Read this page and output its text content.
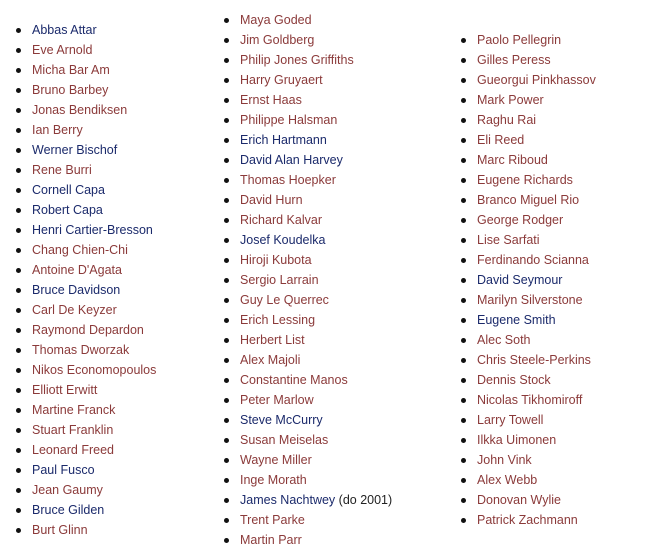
Abbas Attar
Eve Arnold
Micha Bar Am
Bruno Barbey
Jonas Bendiksen
Ian Berry
Werner Bischof
Rene Burri
Cornell Capa
Robert Capa
Henri Cartier-Bresson
Chang Chien-Chi
Antoine D'Agata
Bruce Davidson
Carl De Keyzer
Raymond Depardon
Thomas Dworzak
Nikos Economopoulos
Elliott Erwitt
Martine Franck
Stuart Franklin
Leonard Freed
Paul Fusco
Jean Gaumy
Bruce Gilden
Burt Glinn
Maya Goded
Jim Goldberg
Philip Jones Griffiths
Harry Gruyaert
Ernst Haas
Philippe Halsman
Erich Hartmann
David Alan Harvey
Thomas Hoepker
David Hurn
Richard Kalvar
Josef Koudelka
Hiroji Kubota
Sergio Larrain
Guy Le Querrec
Erich Lessing
Herbert List
Alex Majoli
Constantine Manos
Peter Marlow
Steve McCurry
Susan Meiselas
Wayne Miller
Inge Morath
James Nachtwey (do 2001)
Trent Parke
Martin Parr
Paolo Pellegrin
Gilles Peress
Gueorgui Pinkhassov
Mark Power
Raghu Rai
Eli Reed
Marc Riboud
Eugene Richards
Branco Miguel Rio
George Rodger
Lise Sarfati
Ferdinando Scianna
David Seymour
Marilyn Silverstone
Eugene Smith
Alec Soth
Chris Steele-Perkins
Dennis Stock
Nicolas Tikhomiroff
Larry Towell
Ilkka Uimonen
John Vink
Alex Webb
Donovan Wylie
Patrick Zachmann
